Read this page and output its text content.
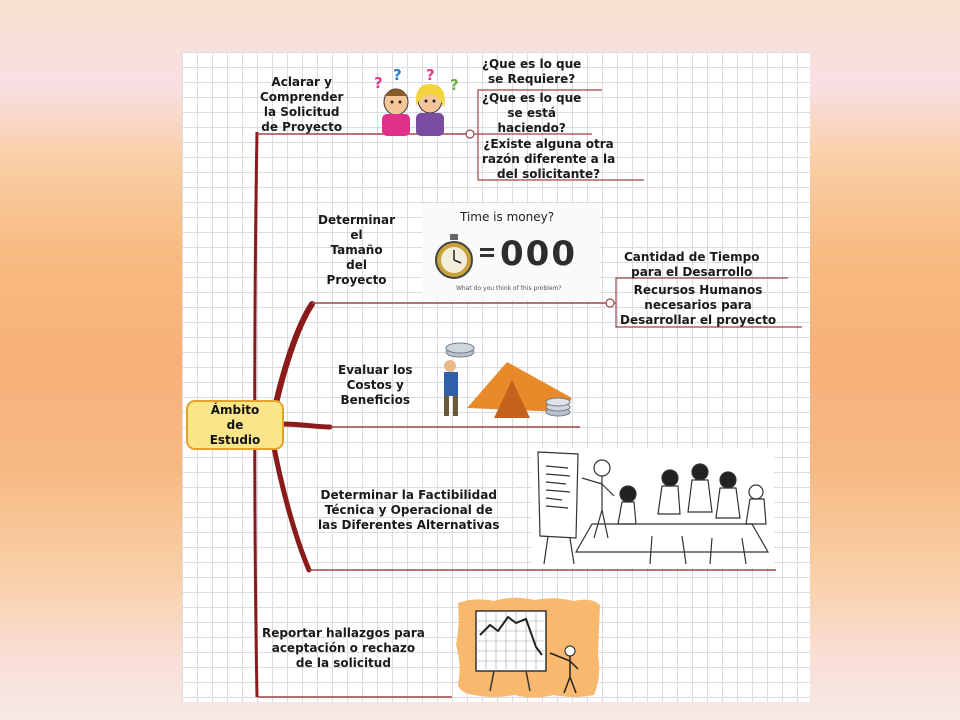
Ámbito
de
Estudio
Aclarar y
Comprender
la Solicitud
de Proyecto
? ? ?
?
¿Que es lo que
se Requiere?
¿Que es lo que
se está
haciendo?
¿Existe alguna otra
razón diferente a la
del solicitante?
Determinar
el
Tamaño
del
Proyecto
Time is money?
000
What do you think of this problem?
Cantidad de Tiempo
para el Desarrollo
Recursos Humanos
necesarios para
Desarrollar el proyecto
Evaluar los
Costos y
Beneficios
Determinar la Factibilidad
Técnica y Operacional de
las Diferentes Alternativas
Reportar hallazgos para
aceptación o rechazo
de la solicitud
